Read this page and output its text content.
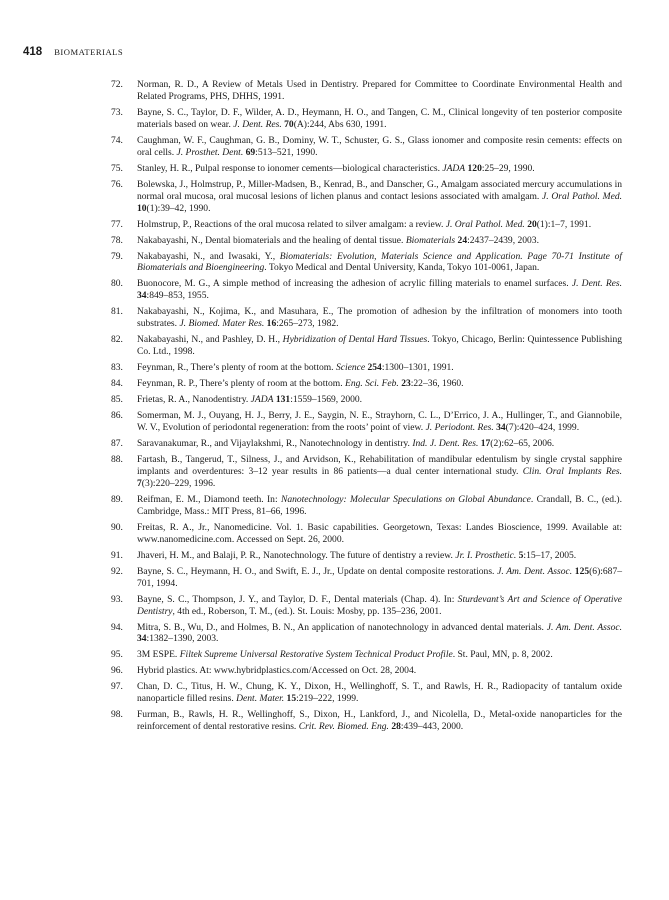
418 BIOMATERIALS
72. Norman, R. D., A Review of Metals Used in Dentistry. Prepared for Committee to Coordinate Environmental Health and Related Programs, PHS, DHHS, 1991.
73. Bayne, S. C., Taylor, D. F., Wilder, A. D., Heymann, H. O., and Tangen, C. M., Clinical longevity of ten posterior composite materials based on wear. J. Dent. Res. 70(A):244, Abs 630, 1991.
74. Caughman, W. F., Caughman, G. B., Dominy, W. T., Schuster, G. S., Glass ionomer and composite resin cements: effects on oral cells. J. Prosthet. Dent. 69:513–521, 1990.
75. Stanley, H. R., Pulpal response to ionomer cements—biological characteristics. JADA 120:25–29, 1990.
76. Bolewska, J., Holmstrup, P., Miller-Madsen, B., Kenrad, B., and Danscher, G., Amalgam associated mercury accumulations in normal oral mucosa, oral mucosal lesions of lichen planus and contact lesions associated with amalgam. J. Oral Pathol. Med. 10(1):39–42, 1990.
77. Holmstrup, P., Reactions of the oral mucosa related to silver amalgam: a review. J. Oral Pathol. Med. 20(1):1–7, 1991.
78. Nakabayashi, N., Dental biomaterials and the healing of dental tissue. Biomaterials 24:2437–2439, 2003.
79. Nakabayashi, N., and Iwasaki, Y., Biomaterials: Evolution, Materials Science and Application. Page 70-71 Institute of Biomaterials and Bioengineering. Tokyo Medical and Dental University, Kanda, Tokyo 101-0061, Japan.
80. Buonocore, M. G., A simple method of increasing the adhesion of acrylic filling materials to enamel surfaces. J. Dent. Res. 34:849–853, 1955.
81. Nakabayashi, N., Kojima, K., and Masuhara, E., The promotion of adhesion by the infiltration of monomers into tooth substrates. J. Biomed. Mater Res. 16:265–273, 1982.
82. Nakabayashi, N., and Pashley, D. H., Hybridization of Dental Hard Tissues. Tokyo, Chicago, Berlin: Quintessence Publishing Co. Ltd., 1998.
83. Feynman, R., There’s plenty of room at the bottom. Science 254:1300–1301, 1991.
84. Feynman, R. P., There’s plenty of room at the bottom. Eng. Sci. Feb. 23:22–36, 1960.
85. Frietas, R. A., Nanodentistry. JADA 131:1559–1569, 2000.
86. Somerman, M. J., Ouyang, H. J., Berry, J. E., Saygin, N. E., Strayhorn, C. L., D’Errico, J. A., Hullinger, T., and Giannobile, W. V., Evolution of periodontal regeneration: from the roots’ point of view. J. Periodont. Res. 34(7):420–424, 1999.
87. Saravanakumar, R., and Vijaylakshmi, R., Nanotechnology in dentistry. Ind. J. Dent. Res. 17(2):62–65, 2006.
88. Fartash, B., Tangerud, T., Silness, J., and Arvidson, K., Rehabilitation of mandibular edentulism by single crystal sapphire implants and overdentures: 3–12 year results in 86 patients—a dual center international study. Clin. Oral Implants Res. 7(3):220–229, 1996.
89. Reifman, E. M., Diamond teeth. In: Nanotechnology: Molecular Speculations on Global Abundance. Crandall, B. C., (ed.). Cambridge, Mass.: MIT Press, 81–66, 1996.
90. Freitas, R. A., Jr., Nanomedicine. Vol. 1. Basic capabilities. Georgetown, Texas: Landes Bioscience, 1999. Available at: www.nanomedicine.com. Accessed on Sept. 26, 2000.
91. Jhaveri, H. M., and Balaji, P. R., Nanotechnology. The future of dentistry a review. Jr. I. Prosthetic. 5:15–17, 2005.
92. Bayne, S. C., Heymann, H. O., and Swift, E. J., Jr., Update on dental composite restorations. J. Am. Dent. Assoc. 125(6):687–701, 1994.
93. Bayne, S. C., Thompson, J. Y., and Taylor, D. F., Dental materials (Chap. 4). In: Sturdevant’s Art and Science of Operative Dentistry, 4th ed., Roberson, T. M., (ed.). St. Louis: Mosby, pp. 135–236, 2001.
94. Mitra, S. B., Wu, D., and Holmes, B. N., An application of nanotechnology in advanced dental materials. J. Am. Dent. Assoc. 34:1382–1390, 2003.
95. 3M ESPE. Filtek Supreme Universal Restorative System Technical Product Profile. St. Paul, MN, p. 8, 2002.
96. Hybrid plastics. At: www.hybridplastics.com/Accessed on Oct. 28, 2004.
97. Chan, D. C., Titus, H. W., Chung, K. Y., Dixon, H., Wellinghoff, S. T., and Rawls, H. R., Radiopacity of tantalum oxide nanoparticle filled resins. Dent. Mater. 15:219–222, 1999.
98. Furman, B., Rawls, H. R., Wellinghoff, S., Dixon, H., Lankford, J., and Nicolella, D., Metal-oxide nanoparticles for the reinforcement of dental restorative resins. Crit. Rev. Biomed. Eng. 28:439–443, 2000.
